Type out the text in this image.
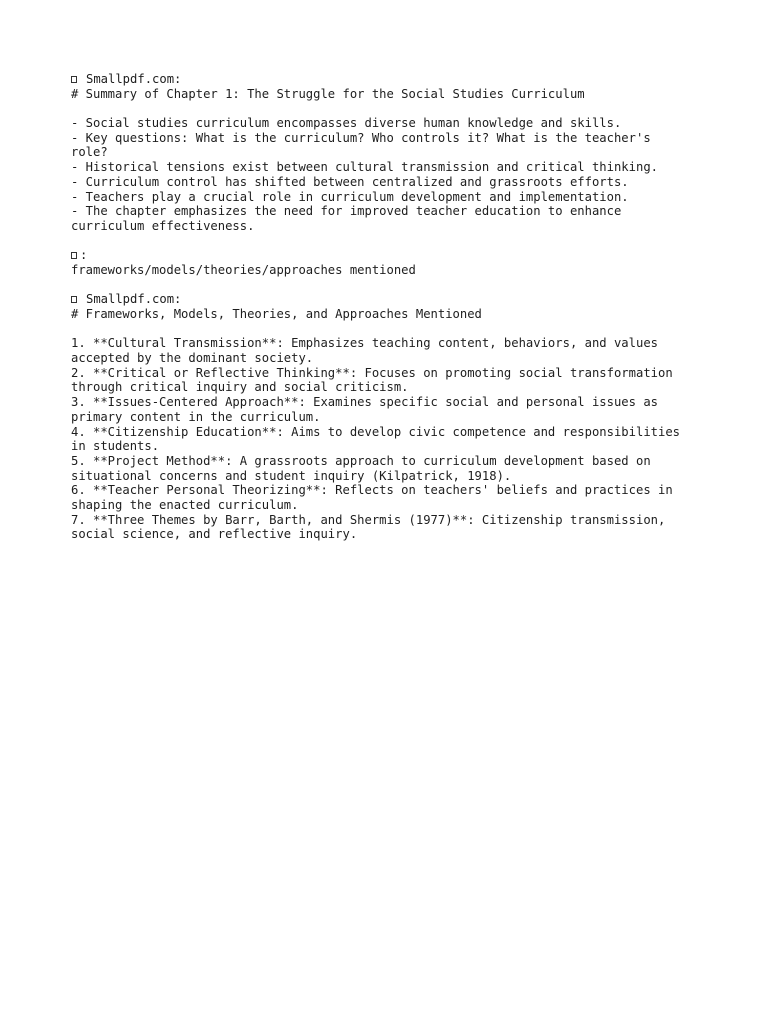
Smallpdf.com:
# Summary of Chapter 1: The Struggle for the Social Studies Curriculum
- Social studies curriculum encompasses diverse human knowledge and skills.
- Key questions: What is the curriculum? Who controls it? What is the teacher's
role?
- Historical tensions exist between cultural transmission and critical thinking.
- Curriculum control has shifted between centralized and grassroots efforts.
- Teachers play a crucial role in curriculum development and implementation.
- The chapter emphasizes the need for improved teacher education to enhance
curriculum effectiveness.
:
frameworks/models/theories/approaches mentioned
Smallpdf.com:
# Frameworks, Models, Theories, and Approaches Mentioned
1. **Cultural Transmission**: Emphasizes teaching content, behaviors, and values
accepted by the dominant society.
2. **Critical or Reflective Thinking**: Focuses on promoting social transformation
through critical inquiry and social criticism.
3. **Issues-Centered Approach**: Examines specific social and personal issues as
primary content in the curriculum.
4. **Citizenship Education**: Aims to develop civic competence and responsibilities
in students.
5. **Project Method**: A grassroots approach to curriculum development based on
situational concerns and student inquiry (Kilpatrick, 1918).
6. **Teacher Personal Theorizing**: Reflects on teachers' beliefs and practices in
shaping the enacted curriculum.
7. **Three Themes by Barr, Barth, and Shermis (1977)**: Citizenship transmission,
social science, and reflective inquiry.
